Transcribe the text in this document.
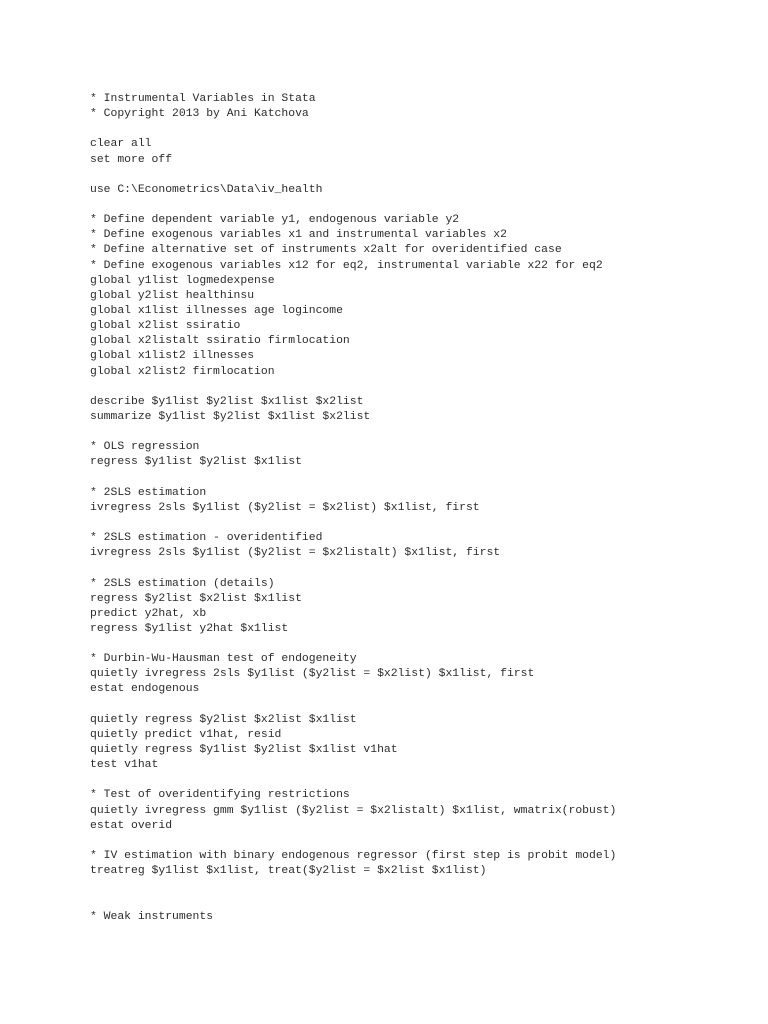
* Instrumental Variables in Stata
* Copyright 2013 by Ani Katchova
clear all
set more off
use C:\Econometrics\Data\iv_health
* Define dependent variable y1, endogenous variable y2
* Define exogenous variables x1 and instrumental variables x2
* Define alternative set of instruments x2alt for overidentified case
* Define exogenous variables x12 for eq2, instrumental variable x22 for eq2
global y1list logmedexpense
global y2list healthinsu
global x1list illnesses age logincome
global x2list ssiratio
global x2listalt ssiratio firmlocation
global x1list2 illnesses
global x2list2 firmlocation
describe $y1list $y2list $x1list $x2list
summarize $y1list $y2list $x1list $x2list
* OLS regression
regress $y1list $y2list $x1list
* 2SLS estimation
ivregress 2sls $y1list ($y2list = $x2list) $x1list, first
* 2SLS estimation - overidentified
ivregress 2sls $y1list ($y2list = $x2listalt) $x1list, first
* 2SLS estimation (details)
regress $y2list $x2list $x1list
predict y2hat, xb
regress $y1list y2hat $x1list
* Durbin-Wu-Hausman test of endogeneity
quietly ivregress 2sls $y1list ($y2list = $x2list) $x1list, first
estat endogenous
quietly regress $y2list $x2list $x1list
quietly predict v1hat, resid
quietly regress $y1list $y2list $x1list v1hat
test v1hat
* Test of overidentifying restrictions
quietly ivregress gmm $y1list ($y2list = $x2listalt) $x1list, wmatrix(robust)
estat overid
* IV estimation with binary endogenous regressor (first step is probit model)
treatreg $y1list $x1list, treat($y2list = $x2list $x1list)
* Weak instruments
